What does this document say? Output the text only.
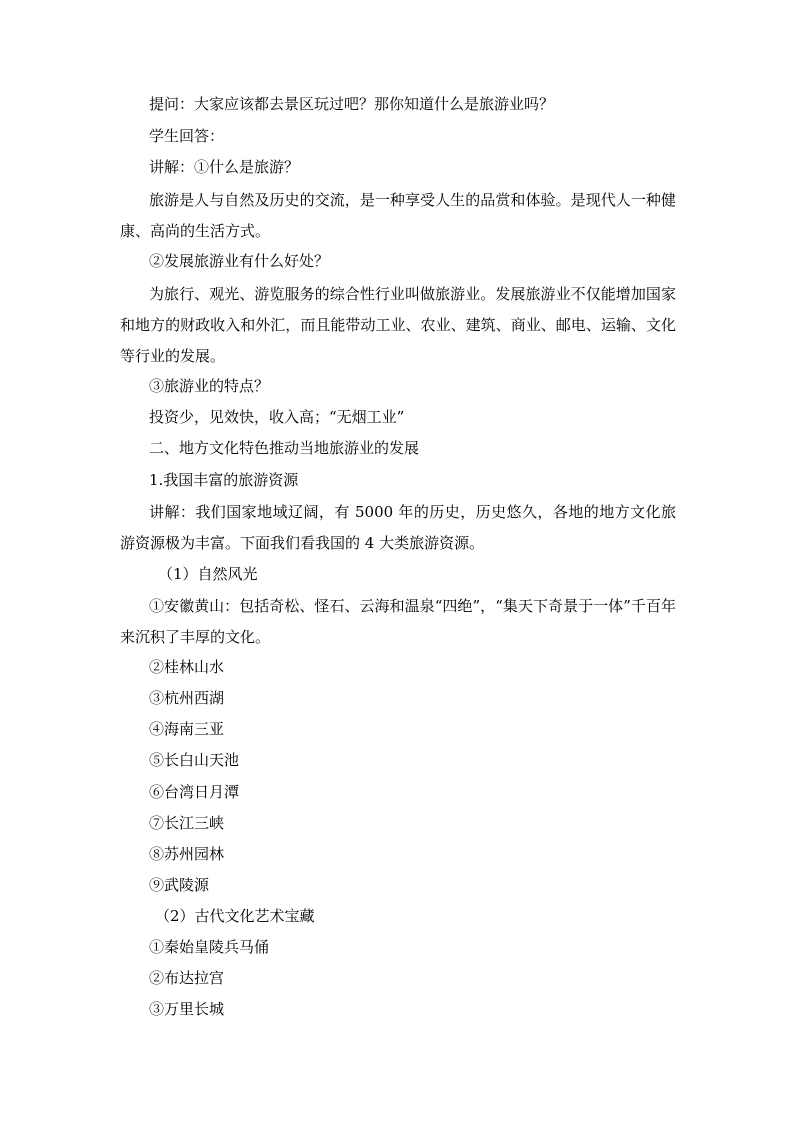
提问：大家应该都去景区玩过吧？那你知道什么是旅游业吗？
学生回答：
讲解：①什么是旅游？
旅游是人与自然及历史的交流，是一种享受人生的品赏和体验。是现代人一种健康、高尚的生活方式。
②发展旅游业有什么好处？
为旅行、观光、游览服务的综合性行业叫做旅游业。发展旅游业不仅能增加国家和地方的财政收入和外汇，而且能带动工业、农业、建筑、商业、邮电、运输、文化等行业的发展。
③旅游业的特点？
投资少，见效快，收入高；“无烟工业”
二、地方文化特色推动当地旅游业的发展
1.我国丰富的旅游资源
讲解：我们国家地域辽阔，有 5000 年的历史，历史悠久，各地的地方文化旅游资源极为丰富。下面我们看我国的 4 大类旅游资源。
（1）自然风光
①安徽黄山：包括奇松、怪石、云海和温泉“四绝”，“集天下奇景于一体”千百年来沉积了丰厚的文化。
②桂林山水
③杭州西湖
④海南三亚
⑤长白山天池
⑥台湾日月潭
⑦长江三峡
⑧苏州园林
⑨武陵源
（2）古代文化艺术宝藏
①秦始皇陵兵马俑
②布达拉宫
③万里长城
